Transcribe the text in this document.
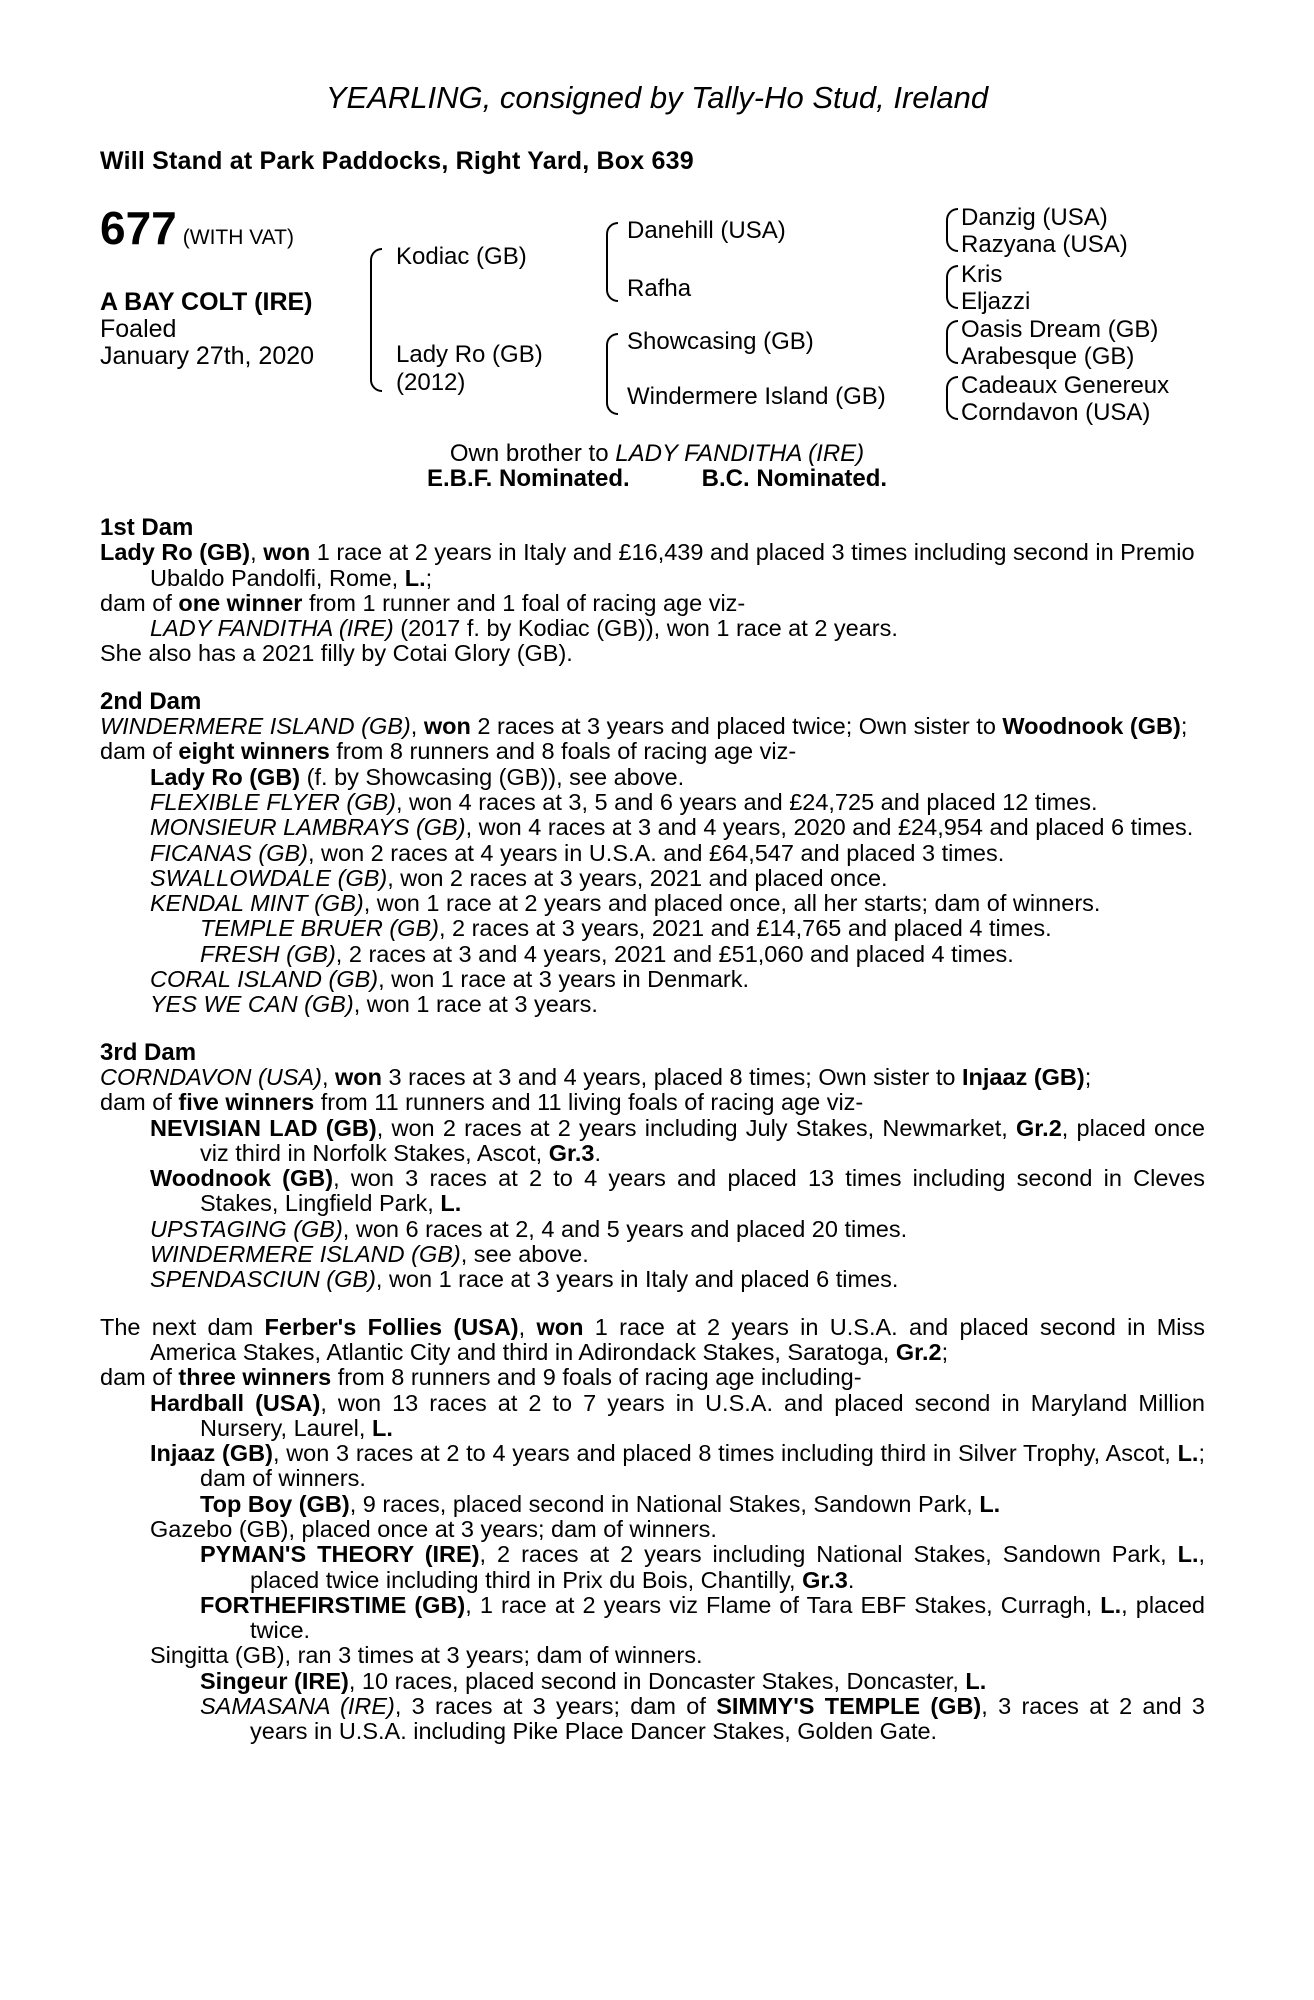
YEARLING, consigned by Tally-Ho Stud, Ireland
Will Stand at Park Paddocks, Right Yard, Box 639
677 (WITH VAT)
A BAY COLT (IRE)
Foaled
January 27th, 2020
Kodiac (GB)
Lady Ro (GB)
(2012)
Danehill (USA)
Rafha
Showcasing (GB)
Windermere Island (GB)
Danzig (USA)
Razyana (USA)
Kris
Eljazzi
Oasis Dream (GB)
Arabesque (GB)
Cadeaux Genereux
Corndavon (USA)
Own brother to LADY FANDITHA (IRE)
E.B.F. Nominated.	B.C. Nominated.
1st Dam
Lady Ro (GB), won 1 race at 2 years in Italy and £16,439 and placed 3 times including second in Premio Ubaldo Pandolfi, Rome, L.;
dam of one winner from 1 runner and 1 foal of racing age viz-
LADY FANDITHA (IRE) (2017 f. by Kodiac (GB)), won 1 race at 2 years.
She also has a 2021 filly by Cotai Glory (GB).
2nd Dam
WINDERMERE ISLAND (GB), won 2 races at 3 years and placed twice; Own sister to Woodnook (GB);
dam of eight winners from 8 runners and 8 foals of racing age viz-
Lady Ro (GB) (f. by Showcasing (GB)), see above.
FLEXIBLE FLYER (GB), won 4 races at 3, 5 and 6 years and £24,725 and placed 12 times.
MONSIEUR LAMBRAYS (GB), won 4 races at 3 and 4 years, 2020 and £24,954 and placed 6 times.
FICANAS (GB), won 2 races at 4 years in U.S.A. and £64,547 and placed 3 times.
SWALLOWDALE (GB), won 2 races at 3 years, 2021 and placed once.
KENDAL MINT (GB), won 1 race at 2 years and placed once, all her starts; dam of winners.
TEMPLE BRUER (GB), 2 races at 3 years, 2021 and £14,765 and placed 4 times.
FRESH (GB), 2 races at 3 and 4 years, 2021 and £51,060 and placed 4 times.
CORAL ISLAND (GB), won 1 race at 3 years in Denmark.
YES WE CAN (GB), won 1 race at 3 years.
3rd Dam
CORNDAVON (USA), won 3 races at 3 and 4 years, placed 8 times; Own sister to Injaaz (GB);
dam of five winners from 11 runners and 11 living foals of racing age viz-
NEVISIAN LAD (GB), won 2 races at 2 years including July Stakes, Newmarket, Gr.2, placed once viz third in Norfolk Stakes, Ascot, Gr.3.
Woodnook (GB), won 3 races at 2 to 4 years and placed 13 times including second in Cleves Stakes, Lingfield Park, L.
UPSTAGING (GB), won 6 races at 2, 4 and 5 years and placed 20 times.
WINDERMERE ISLAND (GB), see above.
SPENDASCIUN (GB), won 1 race at 3 years in Italy and placed 6 times.
The next dam Ferber's Follies (USA), won 1 race at 2 years in U.S.A. and placed second in Miss America Stakes, Atlantic City and third in Adirondack Stakes, Saratoga, Gr.2;
dam of three winners from 8 runners and 9 foals of racing age including-
Hardball (USA), won 13 races at 2 to 7 years in U.S.A. and placed second in Maryland Million Nursery, Laurel, L.
Injaaz (GB), won 3 races at 2 to 4 years and placed 8 times including third in Silver Trophy, Ascot, L.; dam of winners.
Top Boy (GB), 9 races, placed second in National Stakes, Sandown Park, L.
Gazebo (GB), placed once at 3 years; dam of winners.
PYMAN'S THEORY (IRE), 2 races at 2 years including National Stakes, Sandown Park, L., placed twice including third in Prix du Bois, Chantilly, Gr.3.
FORTHEFIRSTIME (GB), 1 race at 2 years viz Flame of Tara EBF Stakes, Curragh, L., placed twice.
Singitta (GB), ran 3 times at 3 years; dam of winners.
Singeur (IRE), 10 races, placed second in Doncaster Stakes, Doncaster, L.
SAMASANA (IRE), 3 races at 3 years; dam of SIMMY'S TEMPLE (GB), 3 races at 2 and 3 years in U.S.A. including Pike Place Dancer Stakes, Golden Gate.
